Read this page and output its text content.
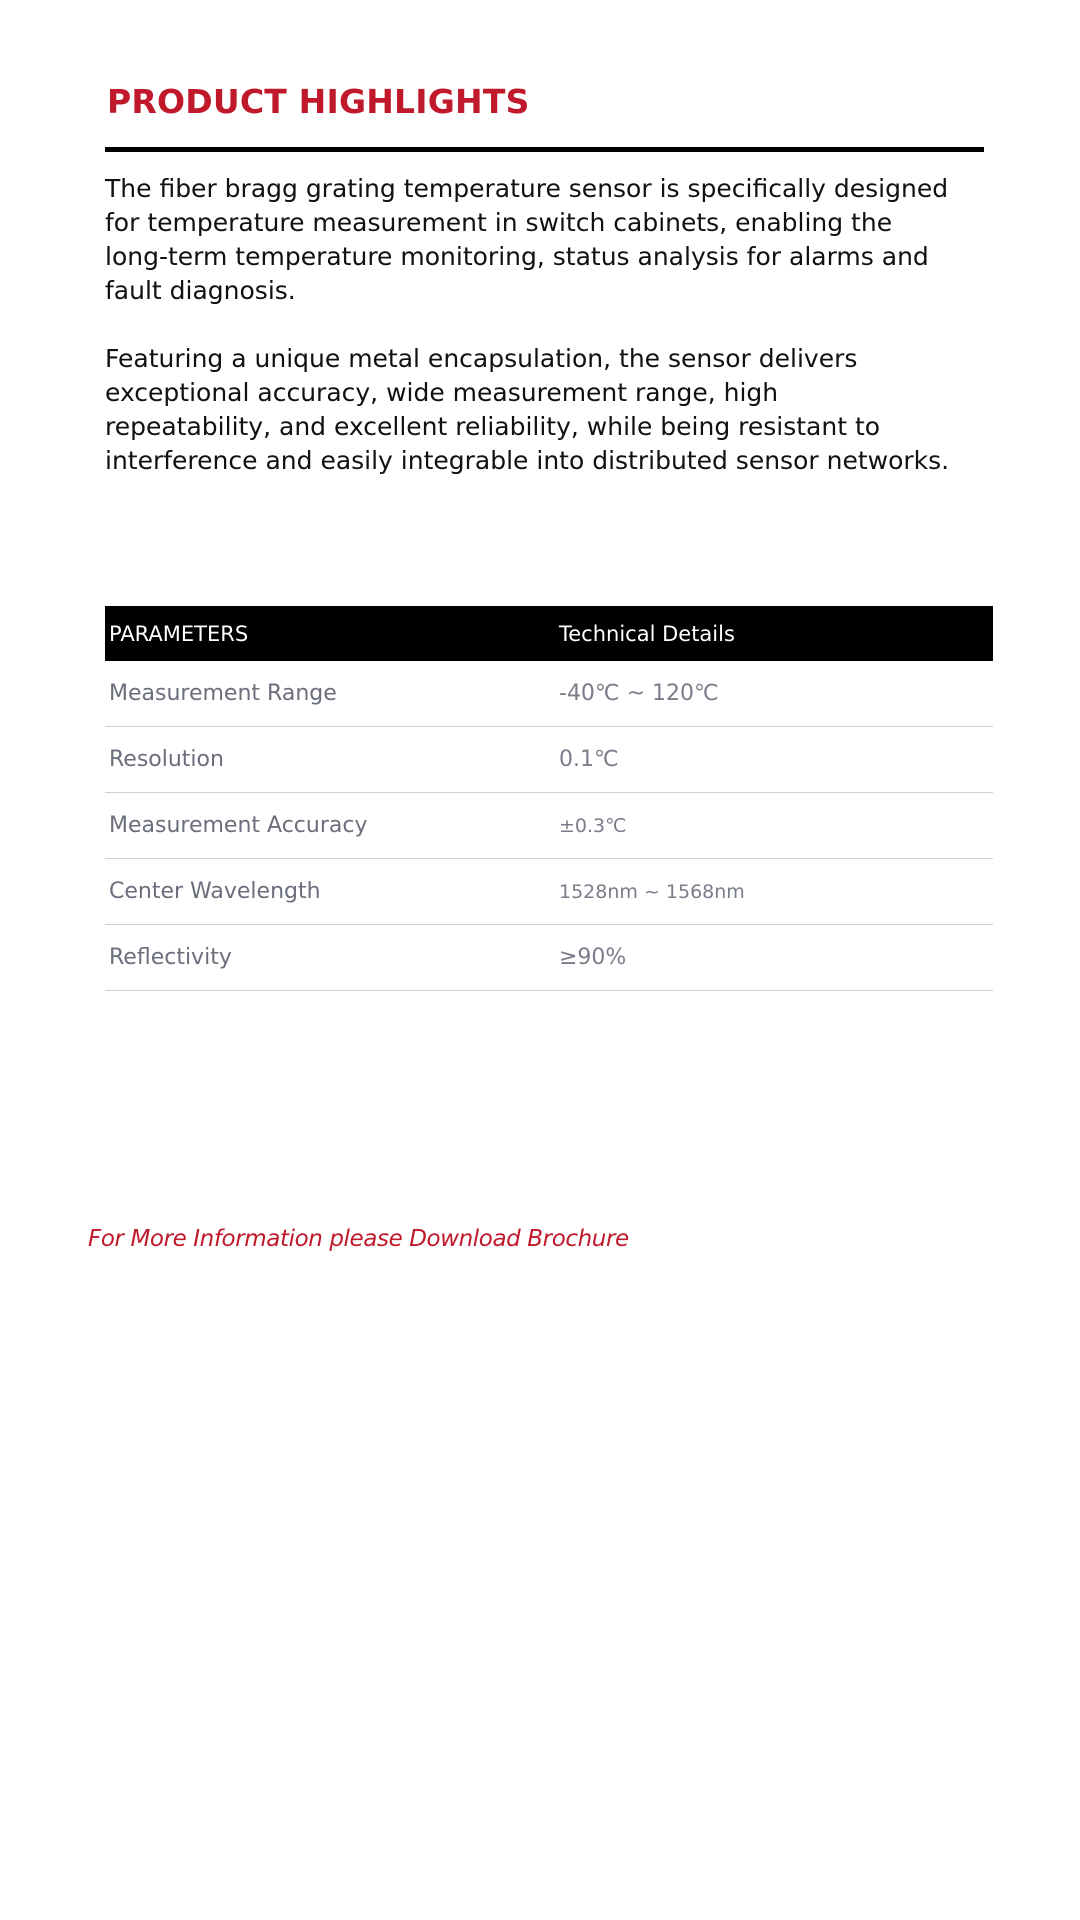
PRODUCT HIGHLIGHTS

The fiber bragg grating temperature sensor is specifically designed
for temperature measurement in switch cabinets, enabling the
long-term temperature monitoring, status analysis for alarms and
fault diagnosis.

Featuring a unique metal encapsulation, the sensor delivers
exceptional accuracy, wide measurement range, high
repeatability, and excellent reliability, while being resistant to
interference and easily integrable into distributed sensor networks.

PARAMETERS	Technical Details
Measurement Range	-40℃ ~ 120℃
Resolution	0.1℃
Measurement Accuracy	±0.3℃
Center Wavelength	1528nm ~ 1568nm
Reflectivity	≥90%
For More Information please Download Brochure
